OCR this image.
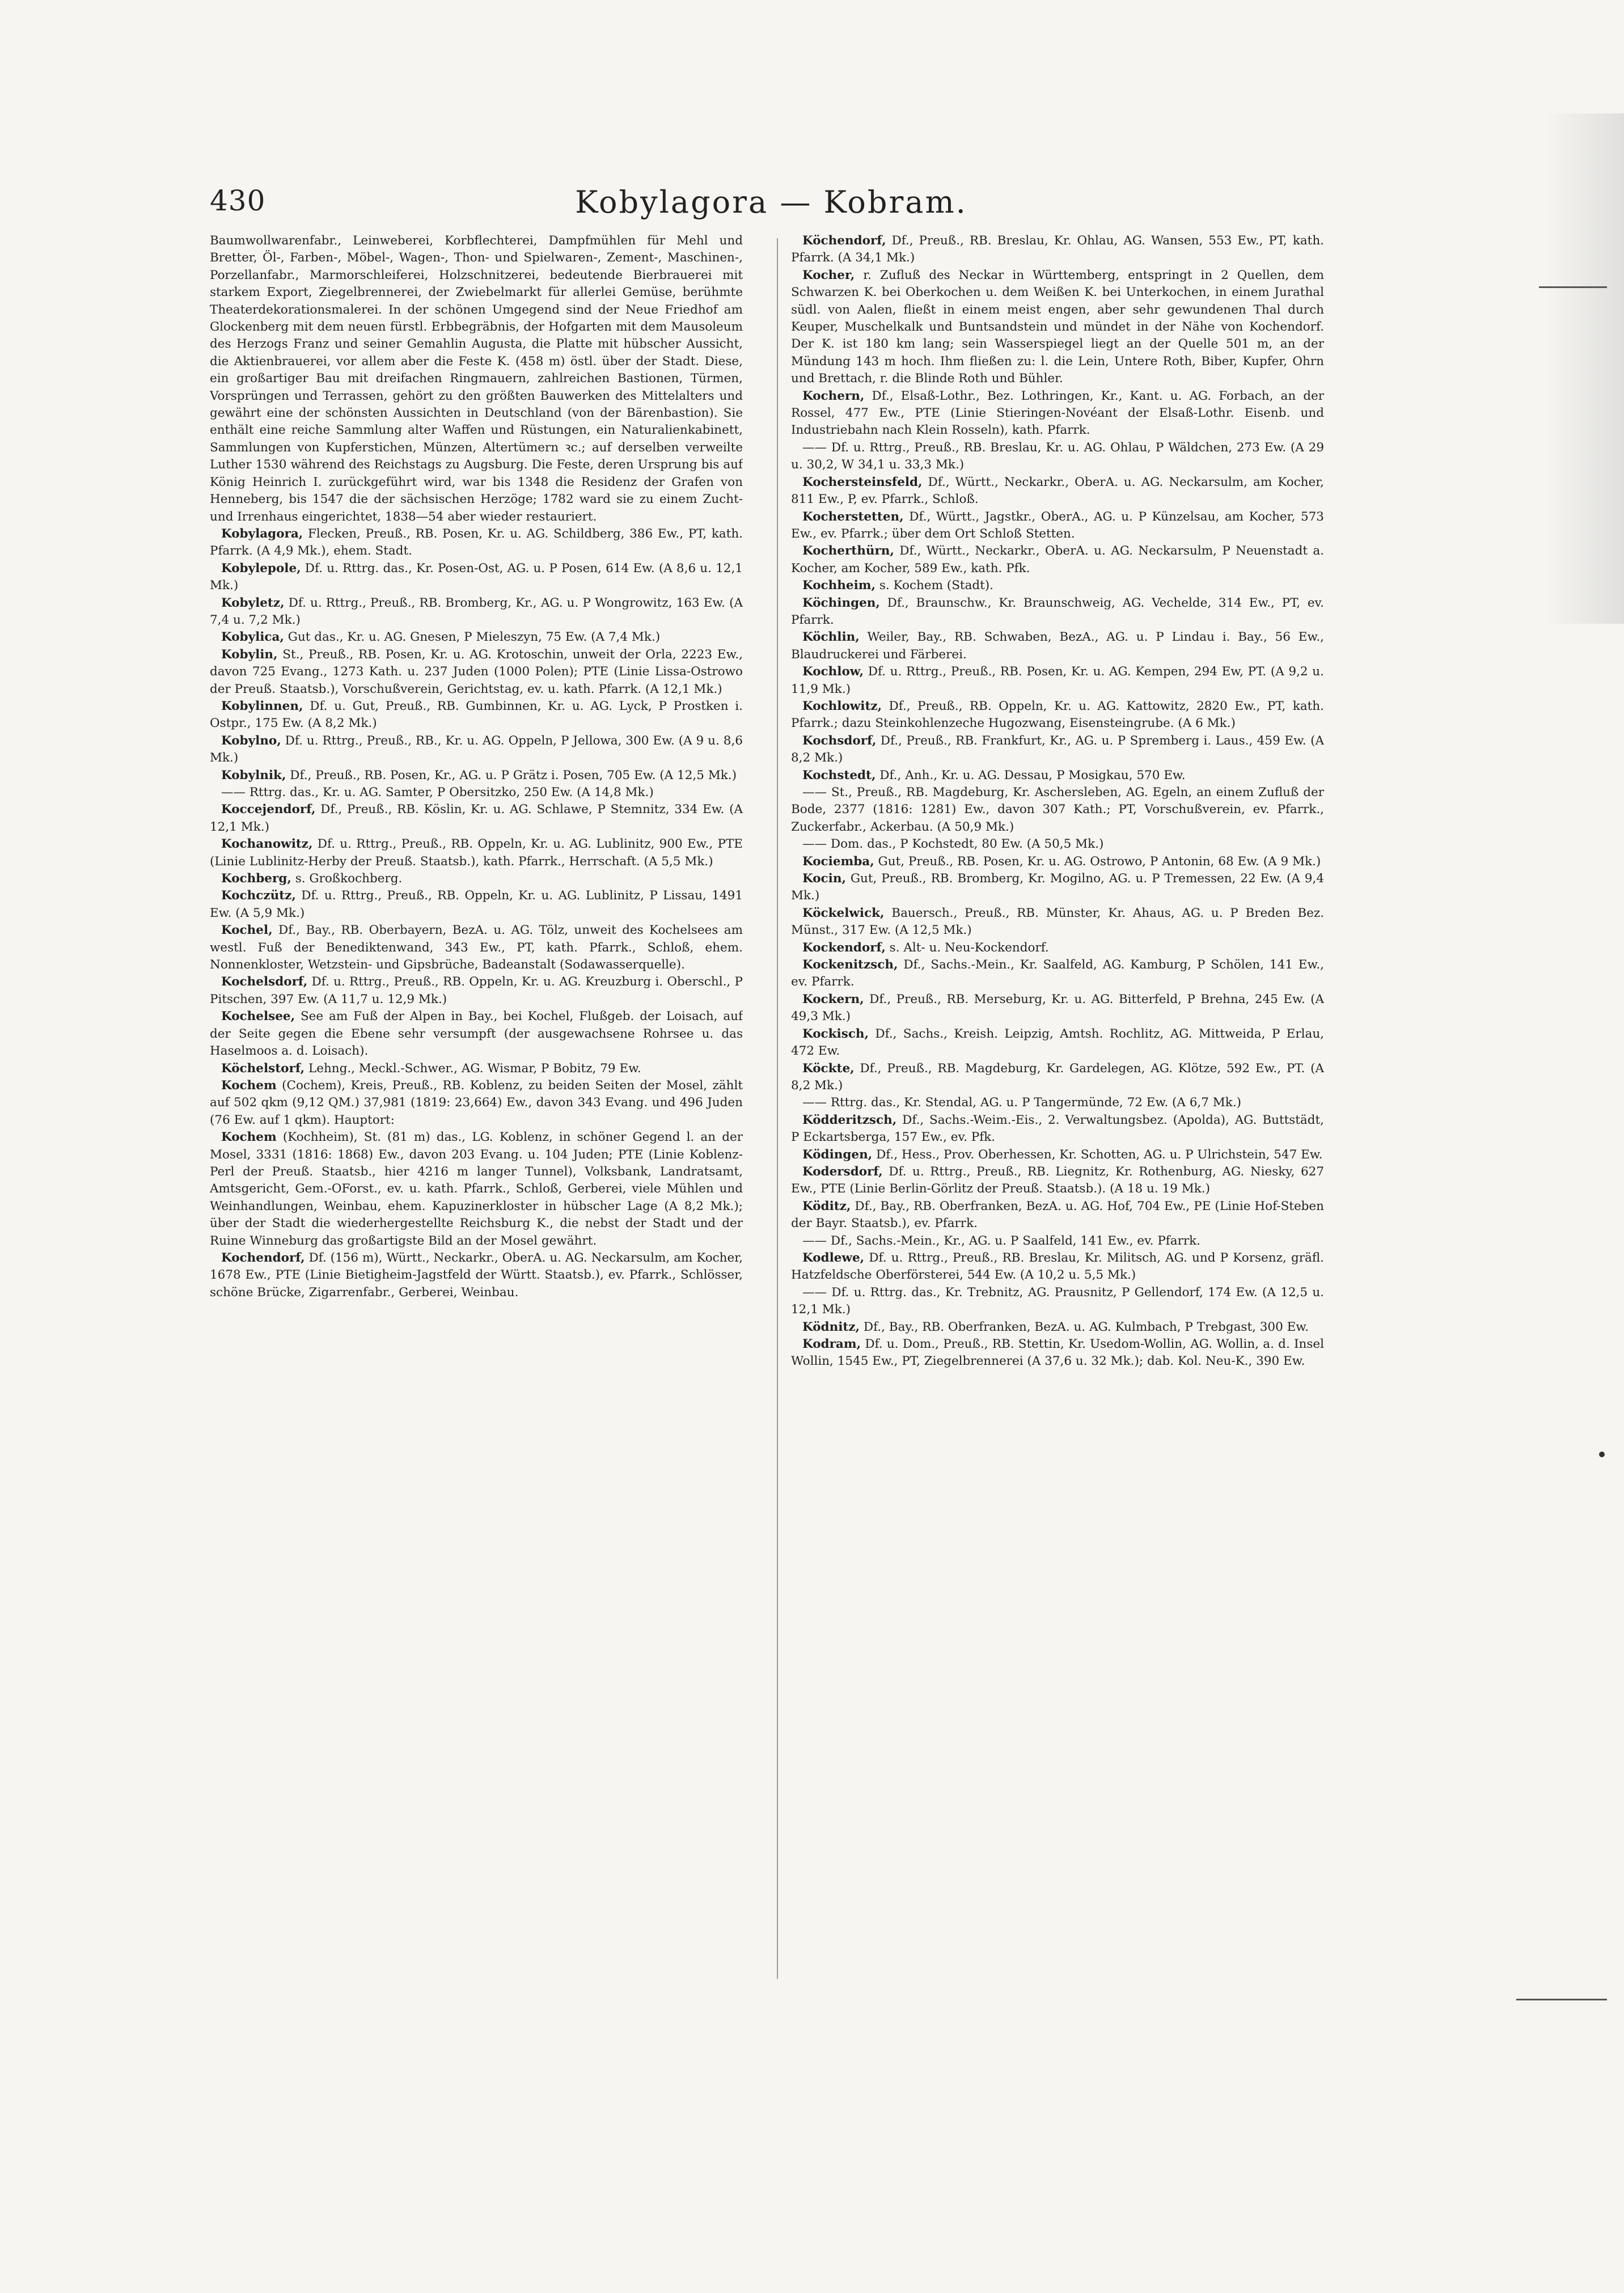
430	Kobylagora — Kobram.

Baumwollwarenfabr., Leinweberei, Korbflechterei, Dampfmühlen für Mehl und Bretter, Öl-, Farben-, Möbel-, Wagen-, Thon- und Spielwaren-, Zement-, Maschinen-, Porzellanfabr., Marmorschleiferei, Holzschnitzerei, bedeutende Bierbrauerei mit starkem Export, Ziegelbrennerei, der Zwiebelmarkt für allerlei Gemüse, berühmte Theaterdekorationsmalerei. In der schönen Umgegend sind der Neue Friedhof am Glockenberg mit dem neuen fürstl. Erbbegräbnis, der Hofgarten mit dem Mausoleum des Herzogs Franz und seiner Gemahlin Augusta, die Platte mit hübscher Aussicht, die Aktienbrauerei, vor allem aber die Feste K. (458 m) östl. über der Stadt. Diese, ein großartiger Bau mit dreifachen Ringmauern, zahlreichen Bastionen, Türmen, Vorsprüngen und Terrassen, gehört zu den größten Bauwerken des Mittelalters und gewährt eine der schönsten Aussichten in Deutschland (von der Bärenbastion). Sie enthält eine reiche Sammlung alter Waffen und Rüstungen, ein Naturalienkabinett, Sammlungen von Kupferstichen, Münzen, Altertümern ꝛc.; auf derselben verweilte Luther 1530 während des Reichstags zu Augsburg. Die Feste, deren Ursprung bis auf König Heinrich I. zurückgeführt wird, war bis 1348 die Residenz der Grafen von Henneberg, bis 1547 die der sächsischen Herzöge; 1782 ward sie zu einem Zucht- und Irrenhaus eingerichtet, 1838—54 aber wieder restauriert.

Kobylagora, Flecken, Preuß., RB. Posen, Kr. u. AG. Schildberg, 386 Ew., PT, kath. Pfarrk. (A 4,9 Mk.), ehem. Stadt.

Kobylepole, Df. u. Rttrg. das., Kr. Posen-Ost, AG. u. P Posen, 614 Ew. (A 8,6 u. 12,1 Mk.)

Kobyletz, Df. u. Rttrg., Preuß., RB. Bromberg, Kr., AG. u. P Wongrowitz, 163 Ew. (A 7,4 u. 7,2 Mk.)

Kobylica, Gut das., Kr. u. AG. Gnesen, P Mieleszyn, 75 Ew. (A 7,4 Mk.)

Kobylin, St., Preuß., RB. Posen, Kr. u. AG. Krotoschin, unweit der Orla, 2223 Ew., davon 725 Evang., 1273 Kath. u. 237 Juden (1000 Polen); PTE (Linie Lissa-Ostrowo der Preuß. Staatsb.), Vorschußverein, Gerichtstag, ev. u. kath. Pfarrk. (A 12,1 Mk.)

Kobylinnen, Df. u. Gut, Preuß., RB. Gumbinnen, Kr. u. AG. Lyck, P Prostken i. Ostpr., 175 Ew. (A 8,2 Mk.)

Kobylno, Df. u. Rttrg., Preuß., RB., Kr. u. AG. Oppeln, P Jellowa, 300 Ew. (A 9 u. 8,6 Mk.)

Kobylnik, Df., Preuß., RB. Posen, Kr., AG. u. P Grätz i. Posen, 705 Ew. (A 12,5 Mk.)

—— Rttrg. das., Kr. u. AG. Samter, P Obersitzko, 250 Ew. (A 14,8 Mk.)

Koccejendorf, Df., Preuß., RB. Köslin, Kr. u. AG. Schlawe, P Stemnitz, 334 Ew. (A 12,1 Mk.)

Kochanowitz, Df. u. Rttrg., Preuß., RB. Oppeln, Kr. u. AG. Lublinitz, 900 Ew., PTE (Linie Lublinitz-Herby der Preuß. Staatsb.), kath. Pfarrk., Herrschaft. (A 5,5 Mk.)

Kochberg, s. Großkochberg.

Kochczütz, Df. u. Rttrg., Preuß., RB. Oppeln, Kr. u. AG. Lublinitz, P Lissau, 1491 Ew. (A 5,9 Mk.)

Kochel, Df., Bay., RB. Oberbayern, BezA. u. AG. Tölz, unweit des Kochelsees am westl. Fuß der Benediktenwand, 343 Ew., PT, kath. Pfarrk., Schloß, ehem. Nonnenkloster, Wetzstein- und Gipsbrüche, Badeanstalt (Sodawasserquelle).

Kochelsdorf, Df. u. Rttrg., Preuß., RB. Oppeln, Kr. u. AG. Kreuzburg i. Oberschl., P Pitschen, 397 Ew. (A 11,7 u. 12,9 Mk.)

Kochelsee, See am Fuß der Alpen in Bay., bei Kochel, Flußgeb. der Loisach, auf der Seite gegen die Ebene sehr versumpft (der ausgewachsene Rohrsee u. das Haselmoos a. d. Loisach).

Köchelstorf, Lehng., Meckl.-Schwer., AG. Wismar, P Bobitz, 79 Ew.

Kochem (Cochem), Kreis, Preuß., RB. Koblenz, zu beiden Seiten der Mosel, zählt auf 502 qkm (9,12 QM.) 37,981 (1819: 23,664) Ew., davon 343 Evang. und 496 Juden (76 Ew. auf 1 qkm). Hauptort:

Kochem (Kochheim), St. (81 m) das., LG. Koblenz, in schöner Gegend l. an der Mosel, 3331 (1816: 1868) Ew., davon 203 Evang. u. 104 Juden; PTE (Linie Koblenz-Perl der Preuß. Staatsb., hier 4216 m langer Tunnel), Volksbank, Landratsamt, Amtsgericht, Gem.-OForst., ev. u. kath. Pfarrk., Schloß, Gerberei, viele Mühlen und Weinhandlungen, Weinbau, ehem. Kapuzinerkloster in hübscher Lage (A 8,2 Mk.); über der Stadt die wiederhergestellte Reichsburg K., die nebst der Stadt und der Ruine Winneburg das großartigste Bild an der Mosel gewährt.

Kochendorf, Df. (156 m), Württ., Neckarkr., OberA. u. AG. Neckarsulm, am Kocher, 1678 Ew., PTE (Linie Bietigheim-Jagstfeld der Württ. Staatsb.), ev. Pfarrk., Schlösser, schöne Brücke, Zigarrenfabr., Gerberei, Weinbau.

Köchendorf, Df., Preuß., RB. Breslau, Kr. Ohlau, AG. Wansen, 553 Ew., PT, kath. Pfarrk. (A 34,1 Mk.)

Kocher, r. Zufluß des Neckar in Württemberg, entspringt in 2 Quellen, dem Schwarzen K. bei Oberkochen u. dem Weißen K. bei Unterkochen, in einem Jurathal südl. von Aalen, fließt in einem meist engen, aber sehr gewundenen Thal durch Keuper, Muschelkalk und Buntsandstein und mündet in der Nähe von Kochendorf. Der K. ist 180 km lang; sein Wasserspiegel liegt an der Quelle 501 m, an der Mündung 143 m hoch. Ihm fließen zu: l. die Lein, Untere Roth, Biber, Kupfer, Ohrn und Brettach, r. die Blinde Roth und Bühler.

Kochern, Df., Elsaß-Lothr., Bez. Lothringen, Kr., Kant. u. AG. Forbach, an der Rossel, 477 Ew., PTE (Linie Stieringen-Novéant der Elsaß-Lothr. Eisenb. und Industriebahn nach Klein Rosseln), kath. Pfarrk.

—— Df. u. Rttrg., Preuß., RB. Breslau, Kr. u. AG. Ohlau, P Wäldchen, 273 Ew. (A 29 u. 30,2, W 34,1 u. 33,3 Mk.)

Kochersteinsfeld, Df., Württ., Neckarkr., OberA. u. AG. Neckarsulm, am Kocher, 811 Ew., P, ev. Pfarrk., Schloß.

Kocherstetten, Df., Württ., Jagstkr., OberA., AG. u. P Künzelsau, am Kocher, 573 Ew., ev. Pfarrk.; über dem Ort Schloß Stetten.

Kocherthürn, Df., Württ., Neckarkr., OberA. u. AG. Neckarsulm, P Neuenstadt a. Kocher, am Kocher, 589 Ew., kath. Pfk.

Kochheim, s. Kochem (Stadt).

Köchingen, Df., Braunschw., Kr. Braunschweig, AG. Vechelde, 314 Ew., PT, ev. Pfarrk.

Köchlin, Weiler, Bay., RB. Schwaben, BezA., AG. u. P Lindau i. Bay., 56 Ew., Blaudruckerei und Färberei.

Kochlow, Df. u. Rttrg., Preuß., RB. Posen, Kr. u. AG. Kempen, 294 Ew, PT. (A 9,2 u. 11,9 Mk.)

Kochlowitz, Df., Preuß., RB. Oppeln, Kr. u. AG. Kattowitz, 2820 Ew., PT, kath. Pfarrk.; dazu Steinkohlenzeche Hugozwang, Eisensteingrube. (A 6 Mk.)

Kochsdorf, Df., Preuß., RB. Frankfurt, Kr., AG. u. P Spremberg i. Laus., 459 Ew. (A 8,2 Mk.)

Kochstedt, Df., Anh., Kr. u. AG. Dessau, P Mosigkau, 570 Ew.

—— St., Preuß., RB. Magdeburg, Kr. Aschersleben, AG. Egeln, an einem Zufluß der Bode, 2377 (1816: 1281) Ew., davon 307 Kath.; PT, Vorschußverein, ev. Pfarrk., Zuckerfabr., Ackerbau. (A 50,9 Mk.)

—— Dom. das., P Kochstedt, 80 Ew. (A 50,5 Mk.)

Kociemba, Gut, Preuß., RB. Posen, Kr. u. AG. Ostrowo, P Antonin, 68 Ew. (A 9 Mk.)

Kocin, Gut, Preuß., RB. Bromberg, Kr. Mogilno, AG. u. P Tremessen, 22 Ew. (A 9,4 Mk.)

Köckelwick, Bauersch., Preuß., RB. Münster, Kr. Ahaus, AG. u. P Breden Bez. Münst., 317 Ew. (A 12,5 Mk.)

Kockendorf, s. Alt- u. Neu-Kockendorf.

Kockenitzsch, Df., Sachs.-Mein., Kr. Saalfeld, AG. Kamburg, P Schölen, 141 Ew., ev. Pfarrk.

Kockern, Df., Preuß., RB. Merseburg, Kr. u. AG. Bitterfeld, P Brehna, 245 Ew. (A 49,3 Mk.)

Kockisch, Df., Sachs., Kreish. Leipzig, Amtsh. Rochlitz, AG. Mittweida, P Erlau, 472 Ew.

Köckte, Df., Preuß., RB. Magdeburg, Kr. Gardelegen, AG. Klötze, 592 Ew., PT. (A 8,2 Mk.)

—— Rttrg. das., Kr. Stendal, AG. u. P Tangermünde, 72 Ew. (A 6,7 Mk.)

Ködderitzsch, Df., Sachs.-Weim.-Eis., 2. Verwaltungsbez. (Apolda), AG. Buttstädt, P Eckartsberga, 157 Ew., ev. Pfk.

Ködingen, Df., Hess., Prov. Oberhessen, Kr. Schotten, AG. u. P Ulrichstein, 547 Ew.

Kodersdorf, Df. u. Rttrg., Preuß., RB. Liegnitz, Kr. Rothenburg, AG. Niesky, 627 Ew., PTE (Linie Berlin-Görlitz der Preuß. Staatsb.). (A 18 u. 19 Mk.)

Köditz, Df., Bay., RB. Oberfranken, BezA. u. AG. Hof, 704 Ew., PE (Linie Hof-Steben der Bayr. Staatsb.), ev. Pfarrk.

—— Df., Sachs.-Mein., Kr., AG. u. P Saalfeld, 141 Ew., ev. Pfarrk.

Kodlewe, Df. u. Rttrg., Preuß., RB. Breslau, Kr. Militsch, AG. und P Korsenz, gräfl. Hatzfeldsche Oberförsterei, 544 Ew. (A 10,2 u. 5,5 Mk.)

—— Df. u. Rttrg. das., Kr. Trebnitz, AG. Prausnitz, P Gellendorf, 174 Ew. (A 12,5 u. 12,1 Mk.)

Ködnitz, Df., Bay., RB. Oberfranken, BezA. u. AG. Kulmbach, P Trebgast, 300 Ew.

Kodram, Df. u. Dom., Preuß., RB. Stettin, Kr. Usedom-Wollin, AG. Wollin, a. d. Insel Wollin, 1545 Ew., PT, Ziegelbrennerei (A 37,6 u. 32 Mk.); dab. Kol. Neu-K., 390 Ew.
